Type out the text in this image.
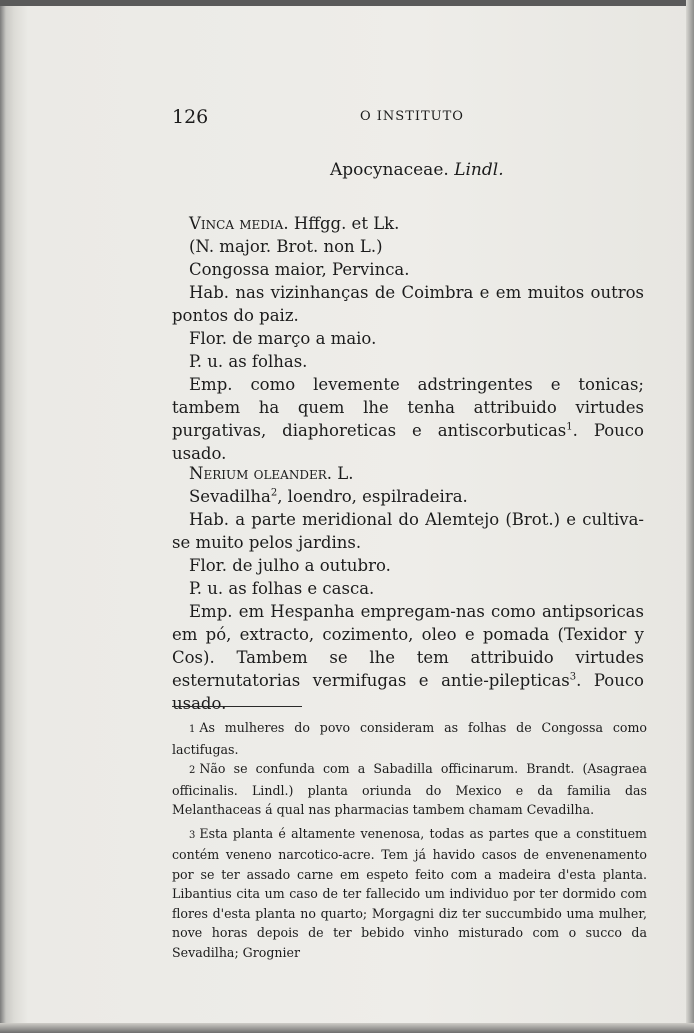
126	O INSTITUTO
Apocynaceae. Lindl.

Vinca media. Hffgg. et Lk.

(N. major. Brot. non L.)

Congossa maior, Pervinca.

Hab. nas vizinhanças de Coimbra e em muitos outros pontos do paiz.

Flor. de março a maio.

P. u. as folhas.

Emp. como levemente adstringentes e tonicas; tambem ha quem lhe tenha attribuido virtudes purgativas, diaphoreticas e antiscorbuticas$^1$. Pouco usado.

Nerium oleander. L.

Sevadilha$^2$, loendro, espilradeira.

Hab. a parte meridional do Alemtejo (Brot.) e cultiva-se muito pelos jardins.

Flor. de julho a outubro.

P. u. as folhas e casca.

Emp. em Hespanha empregam-nas como antipsoricas em pó, extracto, cozimento, oleo e pomada (Texidor y Cos). Tambem se lhe tem attribuido virtudes esternutatorias vermifugas e antie-pilepticas$^3$. Pouco usado.

1 As mulheres do povo consideram as folhas de Congossa como lactifugas.

2 Não se confunda com a Sabadilla officinarum. Brandt. (Asagraea officinalis. Lindl.) planta oriunda do Mexico e da familia das Melanthaceas á qual nas pharmacias tambem chamam Cevadilha.

3 Esta planta é altamente venenosa, todas as partes que a constituem contém veneno narcotico-acre. Tem já havido casos de envenenamento por se ter assado carne em espeto feito com a madeira d'esta planta. Libantius cita um caso de ter fallecido um individuo por ter dormido com flores d'esta planta no quarto; Morgagni diz ter succumbido uma mulher, nove horas depois de ter bebido vinho misturado com o succo da Sevadilha; Grognier
